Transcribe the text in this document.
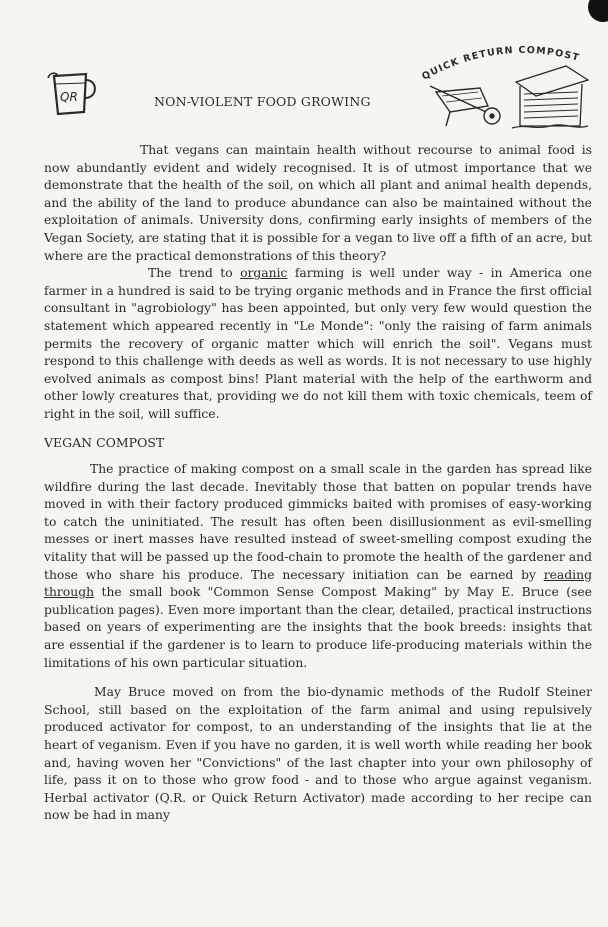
QR	NON-VIOLENT FOOD GROWING
QUICK RETURN COMPOST

That vegans can maintain health without recourse to animal food is now abundantly evident and widely recognised. It is of utmost importance that we demonstrate that the health of the soil, on which all plant and animal health depends, and the ability of the land to produce abundance can also be maintained without the exploitation of animals. University dons, confirming early insights of members of the Vegan Society, are stating that it is possible for a vegan to live off a fifth of an acre, but where are the practical demonstrations of this theory?

The trend to organic farming is well under way - in America one farmer in a hundred is said to be trying organic methods and in France the first official consultant in "agrobiology" has been appointed, but only very few would question the statement which appeared recently in "Le Monde": "only the raising of farm animals permits the recovery of organic matter which will enrich the soil". Vegans must respond to this challenge with deeds as well as words. It is not necessary to use highly evolved animals as compost bins! Plant material with the help of the earthworm and other lowly creatures that, providing we do not kill them with toxic chemicals, teem of right in the soil, will suffice.

VEGAN COMPOST

The practice of making compost on a small scale in the garden has spread like wildfire during the last decade. Inevitably those that batten on popular trends have moved in with their factory produced gimmicks baited with promises of easy-working to catch the uninitiated. The result has often been disillusionment as evil-smelling messes or inert masses have resulted instead of sweet-smelling compost exuding the vitality that will be passed up the food-chain to promote the health of the gardener and those who share his produce. The necessary initiation can be earned by reading through the small book "Common Sense Compost Making" by May E. Bruce (see publication pages). Even more important than the clear, detailed, practical instructions based on years of experimenting are the insights that the book breeds: insights that are essential if the gardener is to learn to produce life-producing materials within the limitations of his own particular situation.

May Bruce moved on from the bio-dynamic methods of the Rudolf Steiner School, still based on the exploitation of the farm animal and using repulsively produced activator for compost, to an understanding of the insights that lie at the heart of veganism. Even if you have no garden, it is well worth while reading her book and, having woven her "Convictions" of the last chapter into your own philosophy of life, pass it on to those who grow food - and to those who argue against veganism. Herbal activator (Q.R. or Quick Return Activator) made according to her recipe can now be had in many
